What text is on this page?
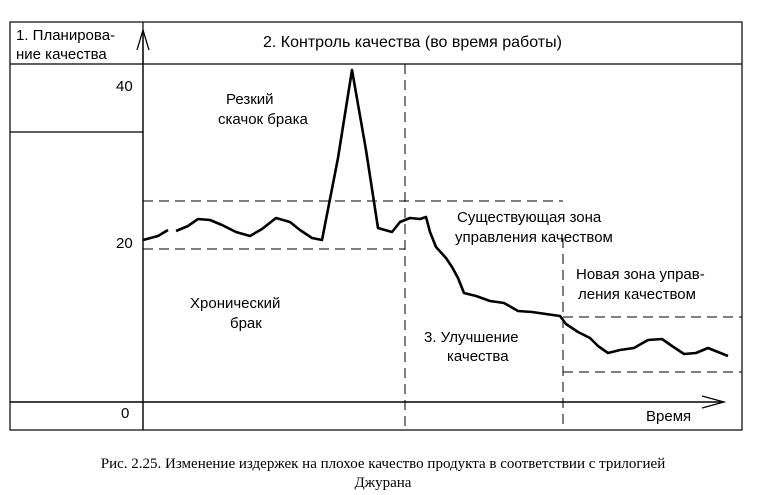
1. Планирова-
ние качества
2. Контроль качества (во время работы)
40
20
0	Время
Резкий
скачок брака
Хронический
брак
Существующая зона
управления качеством
Новая зона управ-
ления качеством
3. Улучшение
качества
Рис. 2.25. Изменение издержек на плохое качество продукта в соответствии с трилогией
Джурана
